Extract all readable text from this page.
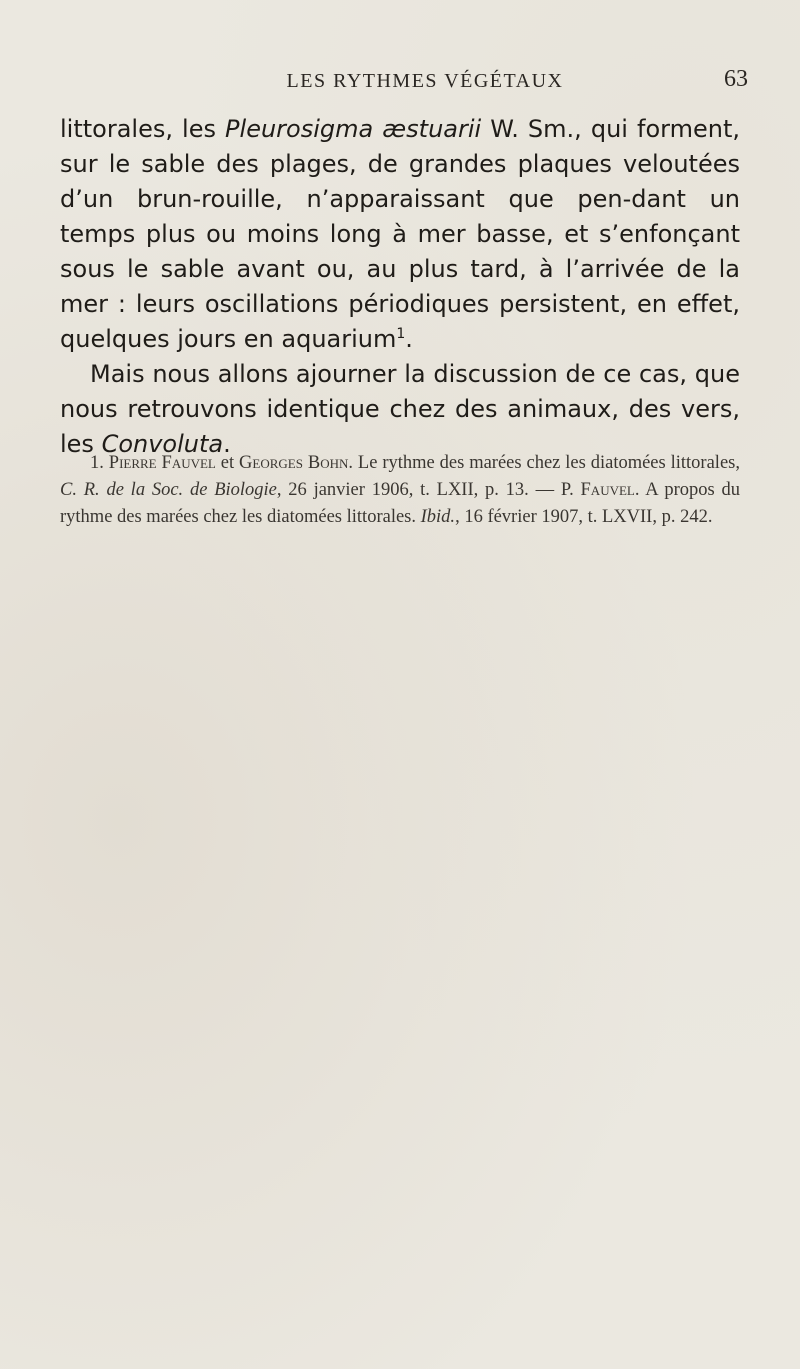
LES RYTHMES VÉGÉTAUX	63

littorales, les Pleurosigma æstuarii W. Sm., qui forment, sur le sable des plages, de grandes plaques veloutées d’un brun-rouille, n’apparaissant que pen-dant un temps plus ou moins long à mer basse, et s’enfonçant sous le sable avant ou, au plus tard, à l’arrivée de la mer : leurs oscillations périodiques persistent, en effet, quelques jours en aquarium$^1$.

Mais nous allons ajourner la discussion de ce cas, que nous retrouvons identique chez des animaux, des vers, les Convoluta.

1. Pierre Fauvel et Georges Bohn. Le rythme des marées chez les diatomées littorales, C. R. de la Soc. de Biologie, 26 janvier 1906, t. LXII, p. 13. — P. Fauvel. A propos du rythme des marées chez les diatomées littorales. Ibid., 16 février 1907, t. LXVII, p. 242.
